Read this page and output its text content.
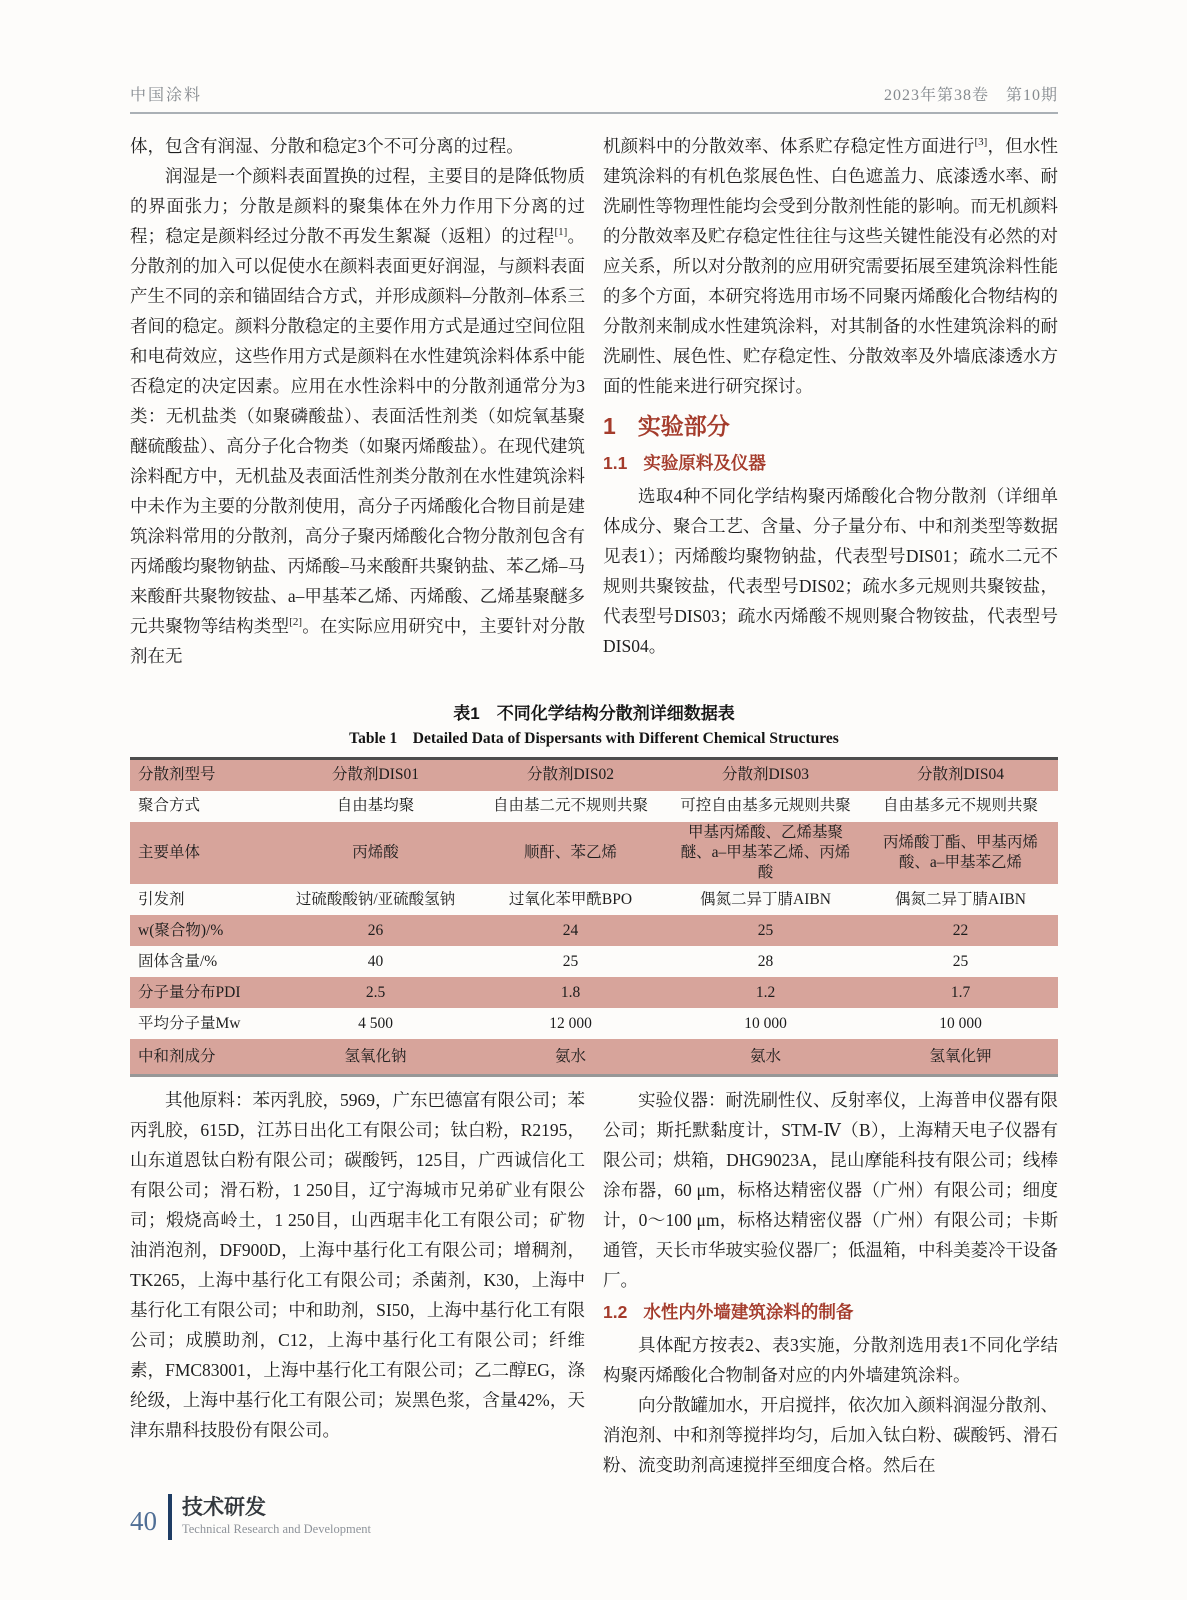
中国涂料	2023年第38卷　第10期

体，包含有润湿、分散和稳定3个不可分离的过程。

润湿是一个颜料表面置换的过程，主要目的是降低物质的界面张力；分散是颜料的聚集体在外力作用下分离的过程；稳定是颜料经过分散不再发生絮凝（返粗）的过程[1]。分散剂的加入可以促使水在颜料表面更好润湿，与颜料表面产生不同的亲和锚固结合方式，并形成颜料–分散剂–体系三者间的稳定。颜料分散稳定的主要作用方式是通过空间位阻和电荷效应，这些作用方式是颜料在水性建筑涂料体系中能否稳定的决定因素。应用在水性涂料中的分散剂通常分为3类：无机盐类（如聚磷酸盐）、表面活性剂类（如烷氧基聚醚硫酸盐）、高分子化合物类（如聚丙烯酸盐）。在现代建筑涂料配方中，无机盐及表面活性剂类分散剂在水性建筑涂料中未作为主要的分散剂使用，高分子丙烯酸化合物目前是建筑涂料常用的分散剂，高分子聚丙烯酸化合物分散剂包含有丙烯酸均聚物钠盐、丙烯酸–马来酸酐共聚钠盐、苯乙烯–马来酸酐共聚物铵盐、a–甲基苯乙烯、丙烯酸、乙烯基聚醚多元共聚物等结构类型[2]。在实际应用研究中，主要针对分散剂在无

机颜料中的分散效率、体系贮存稳定性方面进行[3]，但水性建筑涂料的有机色浆展色性、白色遮盖力、底漆透水率、耐洗刷性等物理性能均会受到分散剂性能的影响。而无机颜料的分散效率及贮存稳定性往往与这些关键性能没有必然的对应关系，所以对分散剂的应用研究需要拓展至建筑涂料性能的多个方面，本研究将选用市场不同聚丙烯酸化合物结构的分散剂来制成水性建筑涂料，对其制备的水性建筑涂料的耐洗刷性、展色性、贮存稳定性、分散效率及外墙底漆透水方面的性能来进行研究探讨。

1 实验部分
1.1 实验原料及仪器

选取4种不同化学结构聚丙烯酸化合物分散剂（详细单体成分、聚合工艺、含量、分子量分布、中和剂类型等数据见表1）；丙烯酸均聚物钠盐，代表型号DIS01；疏水二元不规则共聚铵盐，代表型号DIS02；疏水多元规则共聚铵盐，代表型号DIS03；疏水丙烯酸不规则聚合物铵盐，代表型号DIS04。

表1　不同化学结构分散剂详细数据表
Table 1　Detailed Data of Dispersants with Different Chemical Structures
分散剂型号	分散剂DIS01	分散剂DIS02	分散剂DIS03	分散剂DIS04
聚合方式	自由基均聚	自由基二元不规则共聚	可控自由基多元规则共聚	自由基多元不规则共聚
主要单体	丙烯酸	顺酐、苯乙烯	甲基丙烯酸、乙烯基聚醚、a–甲基苯乙烯、丙烯酸	丙烯酸丁酯、甲基丙烯酸、a–甲基苯乙烯
引发剂	过硫酸酸钠/亚硫酸氢钠	过氧化苯甲酰BPO	偶氮二异丁腈AIBN	偶氮二异丁腈AIBN
w(聚合物)/%	26	24	25	22
固体含量/%	40	25	28	25
分子量分布PDI	2.5	1.8	1.2	1.7
平均分子量Mw	4 500	12 000	10 000	10 000
中和剂成分	氢氧化钠	氨水	氨水	氢氧化钾

其他原料：苯丙乳胶，5969，广东巴德富有限公司；苯丙乳胶，615D，江苏日出化工有限公司；钛白粉，R2195，山东道恩钛白粉有限公司；碳酸钙，125目，广西诚信化工有限公司；滑石粉，1 250目，辽宁海城市兄弟矿业有限公司；煅烧高岭土，1 250目，山西琚丰化工有限公司；矿物油消泡剂，DF900D，上海中基行化工有限公司；增稠剂，TK265，上海中基行化工有限公司；杀菌剂，K30，上海中基行化工有限公司；中和助剂，SI50，上海中基行化工有限公司；成膜助剂，C12，上海中基行化工有限公司；纤维素，FMC83001，上海中基行化工有限公司；乙二醇EG，涤纶级，上海中基行化工有限公司；炭黑色浆，含量42%，天津东鼎科技股份有限公司。

实验仪器：耐洗刷性仪、反射率仪，上海普申仪器有限公司；斯托默黏度计，STM-Ⅳ（B），上海精天电子仪器有限公司；烘箱，DHG9023A，昆山摩能科技有限公司；线棒涂布器，60 μm，标格达精密仪器（广州）有限公司；细度计，0～100 μm，标格达精密仪器（广州）有限公司；卡斯通管，天长市华玻实验仪器厂；低温箱，中科美菱冷干设备厂。

1.2 水性内外墙建筑涂料的制备

具体配方按表2、表3实施，分散剂选用表1不同化学结构聚丙烯酸化合物制备对应的内外墙建筑涂料。

向分散罐加水，开启搅拌，依次加入颜料润湿分散剂、消泡剂、中和剂等搅拌均匀，后加入钛白粉、碳酸钙、滑石粉、流变助剂高速搅拌至细度合格。然后在

40 技术研发
Technical Research and Development
